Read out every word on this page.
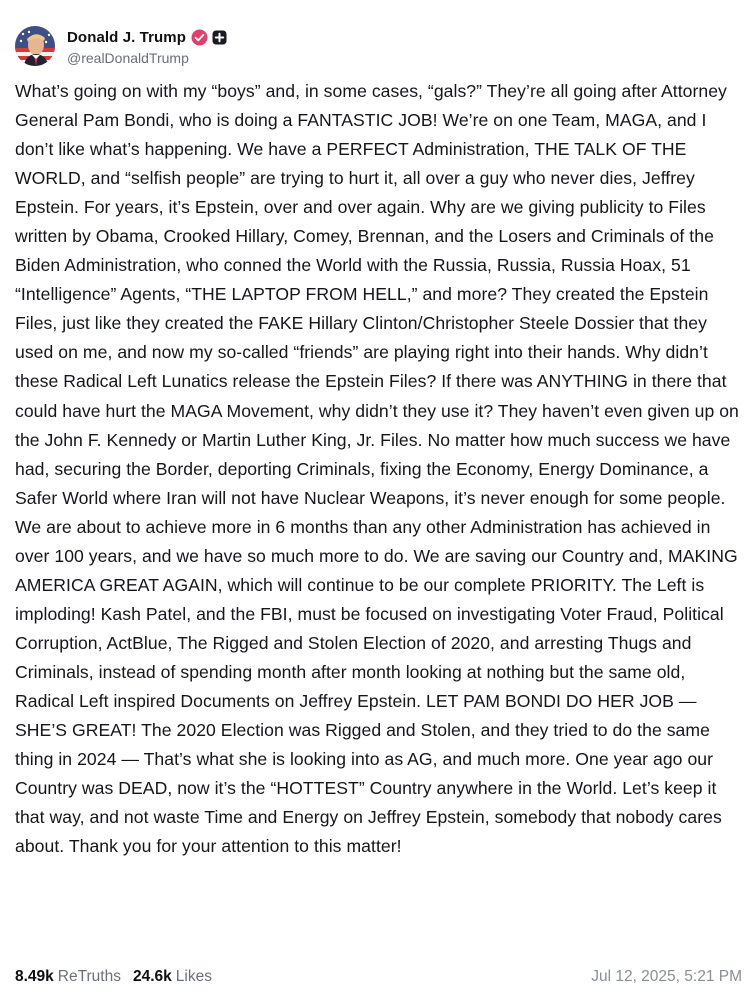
Donald J. Trump
@realDonaldTrump

What’s going on with my “boys” and, in some cases, “gals?” They’re all going after Attorney General Pam Bondi, who is doing a FANTASTIC JOB! We’re on one Team, MAGA, and I don’t like what’s happening. We have a PERFECT Administration, THE TALK OF THE WORLD, and “selfish people” are trying to hurt it, all over a guy who never dies, Jeffrey Epstein. For years, it’s Epstein, over and over again. Why are we giving publicity to Files written by Obama, Crooked Hillary, Comey, Brennan, and the Losers and Criminals of the Biden Administration, who conned the World with the Russia, Russia, Russia Hoax, 51 “Intelligence” Agents, “THE LAPTOP FROM HELL,” and more? They created the Epstein Files, just like they created the FAKE Hillary Clinton/Christopher Steele Dossier that they used on me, and now my so-called “friends” are playing right into their hands. Why didn’t these Radical Left Lunatics release the Epstein Files? If there was ANYTHING in there that could have hurt the MAGA Movement, why didn’t they use it? They haven’t even given up on the John F. Kennedy or Martin Luther King, Jr. Files. No matter how much success we have had, securing the Border, deporting Criminals, fixing the Economy, Energy Dominance, a Safer World where Iran will not have Nuclear Weapons, it’s never enough for some people. We are about to achieve more in 6 months than any other Administration has achieved in over 100 years, and we have so much more to do. We are saving our Country and, MAKING AMERICA GREAT AGAIN, which will continue to be our complete PRIORITY. The Left is imploding! Kash Patel, and the FBI, must be focused on investigating Voter Fraud, Political Corruption, ActBlue, The Rigged and Stolen Election of 2020, and arresting Thugs and Criminals, instead of spending month after month looking at nothing but the same old, Radical Left inspired Documents on Jeffrey Epstein. LET PAM BONDI DO HER JOB — SHE’S GREAT! The 2020 Election was Rigged and Stolen, and they tried to do the same thing in 2024 — That’s what she is looking into as AG, and much more. One year ago our Country was DEAD, now it’s the “HOTTEST” Country anywhere in the World. Let’s keep it that way, and not waste Time and Energy on Jeffrey Epstein, somebody that nobody cares about. Thank you for your attention to this matter!

8.49k ReTruths 24.6k Likes	Jul 12, 2025, 5:21 PM
